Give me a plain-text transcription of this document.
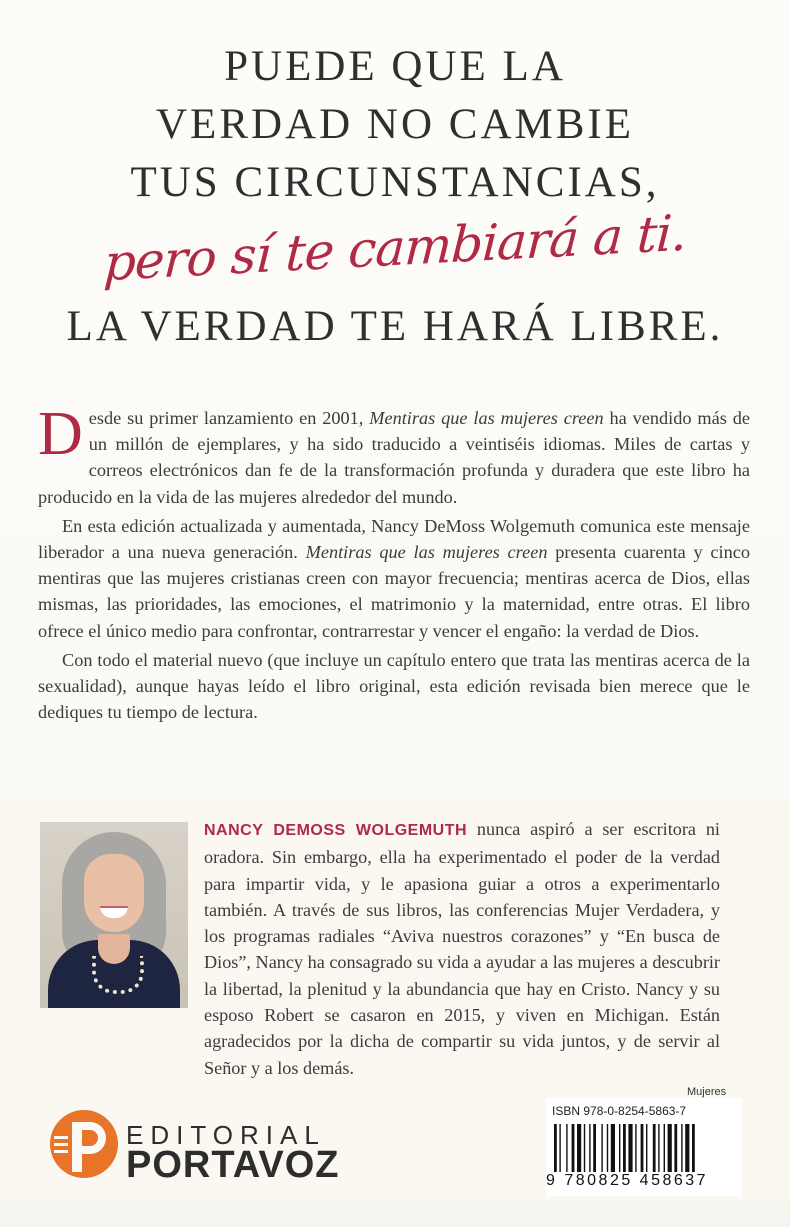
PUEDE QUE LA
VERDAD NO CAMBIE
TUS CIRCUNSTANCIAS,
pero sí te cambiará a ti.
LA VERDAD TE HARÁ LIBRE.

Desde su primer lanzamiento en 2001, Mentiras que las mujeres creen ha vendido más de un millón de ejemplares, y ha sido traducido a veintiséis idiomas. Miles de cartas y correos electrónicos dan fe de la transformación profunda y duradera que este libro ha producido en la vida de las mujeres alrededor del mundo.

En esta edición actualizada y aumentada, Nancy DeMoss Wolgemuth comunica este mensaje liberador a una nueva generación. Mentiras que las mujeres creen presenta cuarenta y cinco mentiras que las mujeres cristianas creen con mayor frecuencia; mentiras acerca de Dios, ellas mismas, las prioridades, las emociones, el matrimonio y la maternidad, entre otras. El libro ofrece el único medio para confrontar, contrarrestar y vencer el engaño: la verdad de Dios.

Con todo el material nuevo (que incluye un capítulo entero que trata las mentiras acerca de la sexualidad), aunque hayas leído el libro original, esta edición revisada bien merece que le dediques tu tiempo de lectura.

NANCY DEMOSS WOLGEMUTH nunca aspiró a ser escritora ni oradora. Sin embargo, ella ha experimentado el poder de la verdad para impartir vida, y le apasiona guiar a otros a experimentarlo también. A través de sus libros, las conferencias Mujer Verdadera, y los programas radiales “Aviva nuestros corazones” y “En busca de Dios”, Nancy ha consagrado su vida a ayudar a las mujeres a descubrir la libertad, la plenitud y la abundancia que hay en Cristo. Nancy y su esposo Robert se casaron en 2015, y viven en Michigan. Están agradecidos por la dicha de compartir su vida juntos, y de servir al Señor y a los demás.
EDITORIAL
PORTAVOZ
Mujeres
ISBN 978-0-8254-5863-7
9 780825 458637
